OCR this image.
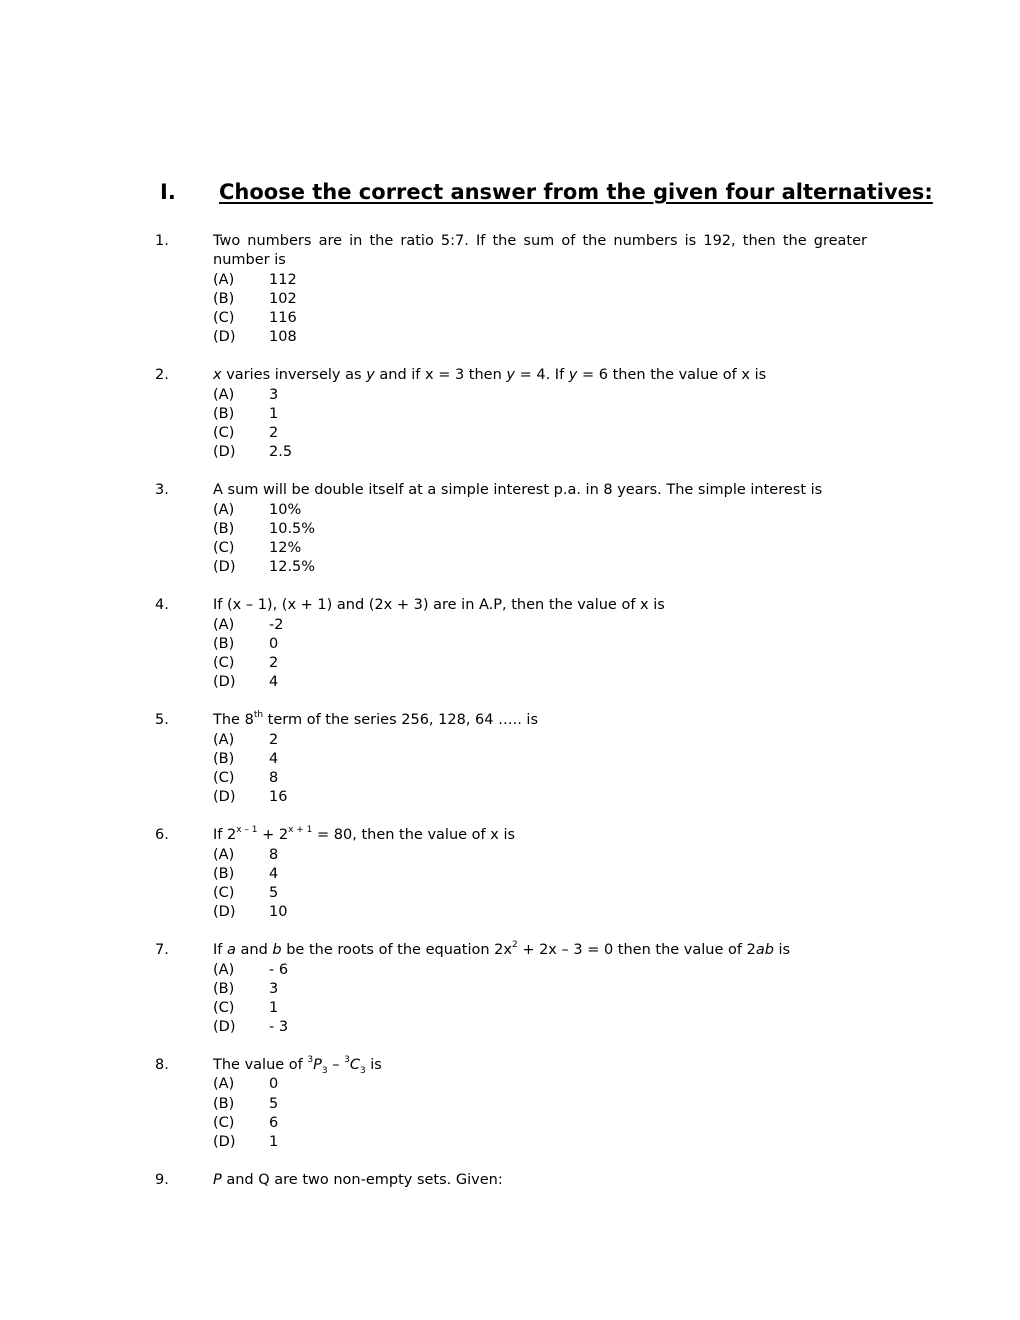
I. Choose the correct answer from the given four alternatives:
1.	Two numbers are in the ratio 5:7. If the sum of the numbers is 192, then the greater number is
(A)	112
(B)	102
(C)	116
(D)	108
2.	x varies inversely as y and if x = 3 then y = 4. If y = 6 then the value of x is
(A)	3
(B)	1
(C)	2
(D)	2.5
3.	A sum will be double itself at a simple interest p.a. in 8 years. The simple interest is
(A)	10%
(B)	10.5%
(C)	12%
(D)	12.5%
4.	If (x – 1), (x + 1) and (2x + 3) are in A.P, then the value of x is
(A)	-2
(B)	0
(C)	2
(D)	4
5.	The 8th term of the series 256, 128, 64 ….. is
(A)	2
(B)	4
(C)	8
(D)	16
6.	If $2^{x - 1} + 2^{x + 1} = 80$, then the value of x is
(A)	8
(B)	4
(C)	5
(D)	10
7.	If a and b be the roots of the equation $2x^2 + 2x - 3 = 0$ then the value of 2ab is
(A)	- 6
(B)	3
(C)	1
(D)	- 3
8.	The value of $^3P_3 - ^3C_3$ is
(A)	0
(B)	5
(C)	6
(D)	1
9.	P and Q are two non-empty sets. Given:
